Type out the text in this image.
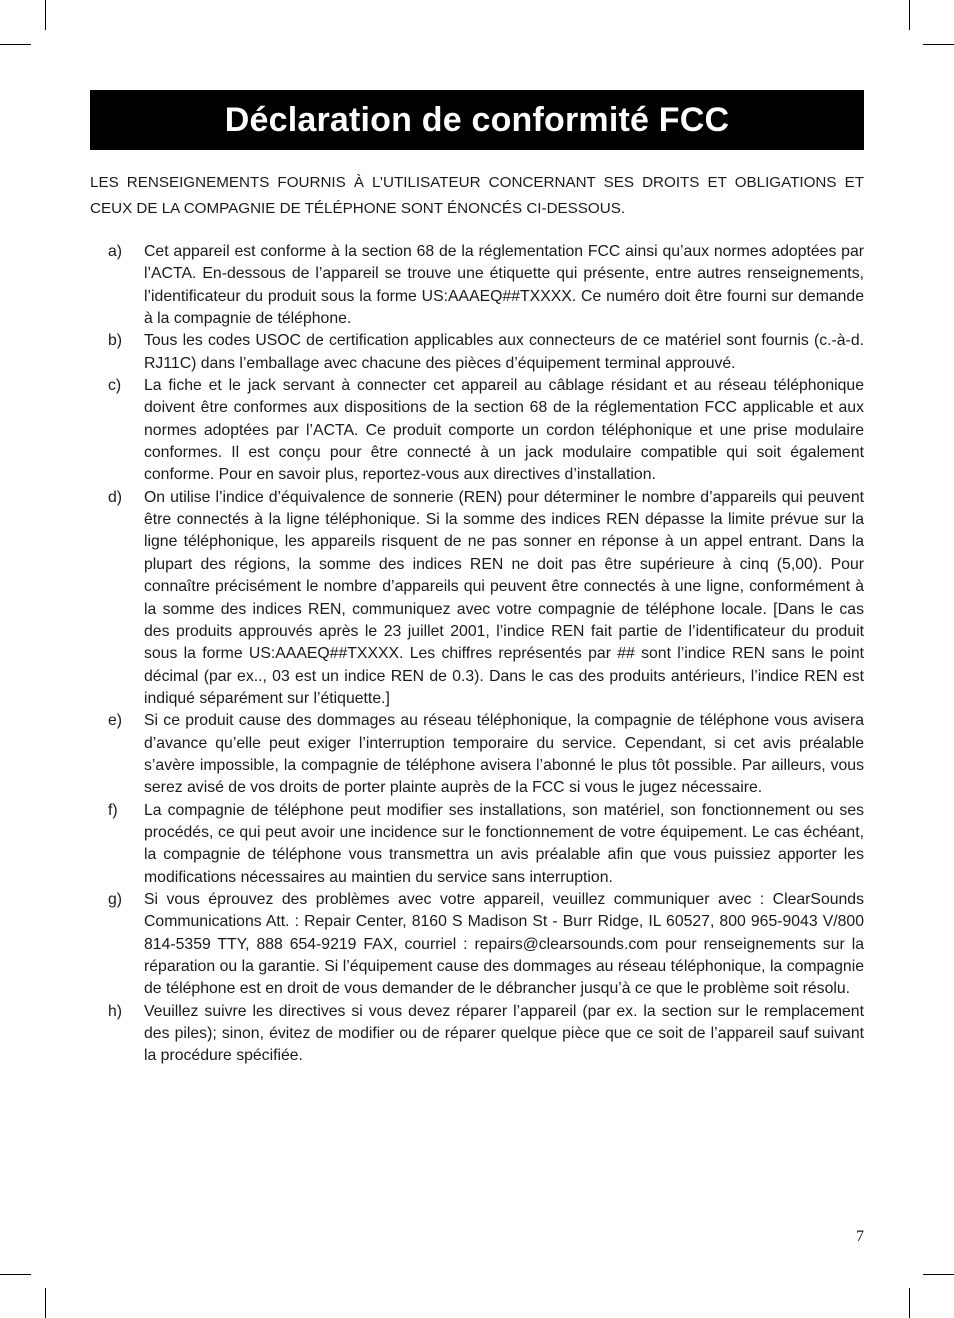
Déclaration de conformité FCC

LES RENSEIGNEMENTS FOURNIS À L’UTILISATEUR CONCERNANT SES DROITS ET OBLIGATIONS ET CEUX DE LA COMPAGNIE DE TÉLÉPHONE SONT ÉNONCÉS CI-DESSOUS.

a)	Cet appareil est conforme à la section 68 de la réglementation FCC ainsi qu’aux normes adoptées par l’ACTA. En-dessous de l’appareil se trouve une étiquette qui présente, entre autres renseignements, l’identificateur du produit sous la forme US:AAAEQ##TXXXX. Ce numéro doit être fourni sur demande à la compagnie de téléphone.
b)	Tous les codes USOC de certification applicables aux connecteurs de ce matériel sont fournis (c.-à-d. RJ11C) dans l’emballage avec chacune des pièces d’équipement terminal approuvé.
c)	La fiche et le jack servant à connecter cet appareil au câblage résidant et au réseau téléphonique doivent être conformes aux dispositions de la section 68 de la réglementation FCC applicable et aux normes adoptées par l’ACTA. Ce produit comporte un cordon téléphonique et une prise modulaire conformes. Il est conçu pour être connecté à un jack modulaire compatible qui soit également conforme. Pour en savoir plus, reportez-vous aux directives d’installation.
d)	On utilise l’indice d’équivalence de sonnerie (REN) pour déterminer le nombre d’appareils qui peuvent être connectés à la ligne téléphonique. Si la somme des indices REN dépasse la limite prévue sur la ligne téléphonique, les appareils risquent de ne pas sonner en réponse à un appel entrant. Dans la plupart des régions, la somme des indices REN ne doit pas être supérieure à cinq (5,00). Pour connaître précisément le nombre d’appareils qui peuvent être connectés à une ligne, conformément à la somme des indices REN, communiquez avec votre compagnie de téléphone locale. [Dans le cas des produits approuvés après le 23 juillet 2001, l’indice REN fait partie de l’identificateur du produit sous la forme US:AAAEQ##TXXXX. Les chiffres représentés par ## sont l’indice REN sans le point décimal (par ex.., 03 est un indice REN de 0.3). Dans le cas des produits antérieurs, l’indice REN est indiqué séparément sur l’étiquette.]
e)	Si ce produit cause des dommages au réseau téléphonique, la compagnie de téléphone vous avisera d’avance qu’elle peut exiger l’interruption temporaire du service. Cependant, si cet avis préalable s’avère impossible, la compagnie de téléphone avisera l’abonné le plus tôt possible. Par ailleurs, vous serez avisé de vos droits de porter plainte auprès de la FCC si vous le jugez nécessaire.
f)	La compagnie de téléphone peut modifier ses installations, son matériel, son fonctionnement ou ses procédés, ce qui peut avoir une incidence sur le fonctionnement de votre équipement. Le cas échéant, la compagnie de téléphone vous transmettra un avis préalable afin que vous puissiez apporter les modifications nécessaires au maintien du service sans interruption.
g)	Si vous éprouvez des problèmes avec votre appareil, veuillez communiquer avec : ClearSounds Communications Att. : Repair Center, 8160 S Madison St - Burr Ridge, IL 60527, 800 965-9043 V/800 814-5359 TTY, 888 654-9219 FAX, courriel : repairs@clearsounds.com pour renseignements sur la réparation ou la garantie. Si l’équipement cause des dommages au réseau téléphonique, la compagnie de téléphone est en droit de vous demander de le débrancher jusqu’à ce que le problème soit résolu.
h)	Veuillez suivre les directives si vous devez réparer l’appareil (par ex. la section sur le remplacement des piles); sinon, évitez de modifier ou de réparer quelque pièce que ce soit de l’appareil sauf suivant la procédure spécifiée.
7
